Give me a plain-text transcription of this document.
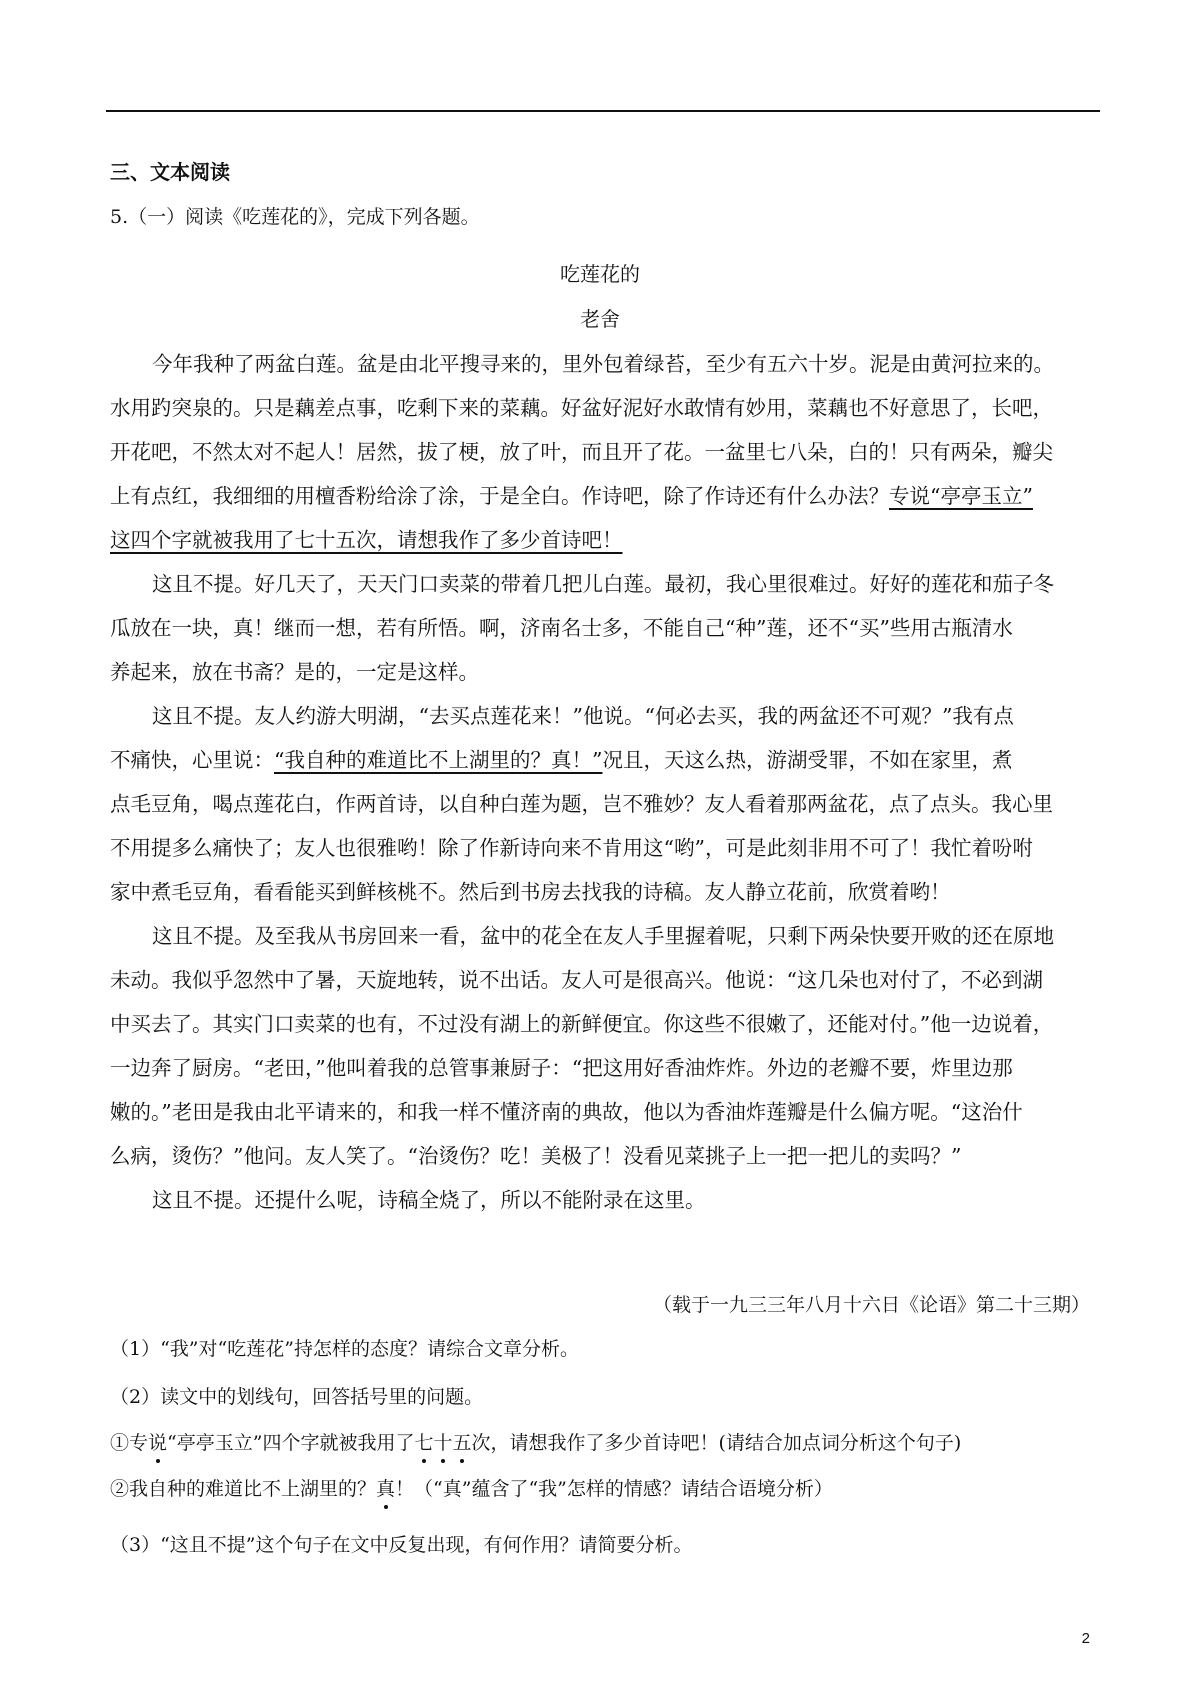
三、文本阅读
5.（一）阅读《吃莲花的》，完成下列各题。
吃莲花的
老舍
今年我种了两盆白莲。盆是由北平搜寻来的，里外包着绿苔，至少有五六十岁。泥是由黄河拉来的。
水用趵突泉的。只是藕差点事，吃剩下来的菜藕。好盆好泥好水敢情有妙用，菜藕也不好意思了，长吧，
开花吧，不然太对不起人！居然，拔了梗，放了叶，而且开了花。一盆里七八朵，白的！只有两朵，瓣尖
上有点红，我细细的用檀香粉给涂了涂，于是全白。作诗吧，除了作诗还有什么办法？专说“亭亭玉立”
这四个字就被我用了七十五次，请想我作了多少首诗吧！
这且不提。好几天了，天天门口卖菜的带着几把儿白莲。最初，我心里很难过。好好的莲花和茄子冬
瓜放在一块，真！继而一想，若有所悟。啊，济南名士多，不能自己“种”莲，还不“买”些用古瓶清水
养起来，放在书斋？是的，一定是这样。
这且不提。友人约游大明湖，“去买点莲花来！”他说。“何必去买，我的两盆还不可观？”我有点
不痛快，心里说：“我自种的难道比不上湖里的？真！”况且，天这么热，游湖受罪，不如在家里，煮
点毛豆角，喝点莲花白，作两首诗，以自种白莲为题，岂不雅妙？友人看着那两盆花，点了点头。我心里
不用提多么痛快了；友人也很雅哟！除了作新诗向来不肯用这“哟”，可是此刻非用不可了！我忙着吩咐
家中煮毛豆角，看看能买到鲜核桃不。然后到书房去找我的诗稿。友人静立花前，欣赏着哟！
这且不提。及至我从书房回来一看，盆中的花全在友人手里握着呢，只剩下两朵快要开败的还在原地
未动。我似乎忽然中了暑，天旋地转，说不出话。友人可是很高兴。他说：“这几朵也对付了，不必到湖
中买去了。其实门口卖菜的也有，不过没有湖上的新鲜便宜。你这些不很嫩了，还能对付。”他一边说着，
一边奔了厨房。“老田，”他叫着我的总管事兼厨子：“把这用好香油炸炸。外边的老瓣不要，炸里边那
嫩的。”老田是我由北平请来的，和我一样不懂济南的典故，他以为香油炸莲瓣是什么偏方呢。“这治什
么病，烫伤？”他问。友人笑了。“治烫伤？吃！美极了！没看见菜挑子上一把一把儿的卖吗？”
这且不提。还提什么呢，诗稿全烧了，所以不能附录在这里。
（载于一九三三年八月十六日《论语》第二十三期）
（1）“我”对“吃莲花”持怎样的态度？请综合文章分析。
（2）读文中的划线句，回答括号里的问题。
①专说“亭亭玉立”四个字就被我用了七十五次，请想我作了多少首诗吧！(请结合加点词分析这个句子)
②我自种的难道比不上湖里的？真！（“真”蕴含了“我”怎样的情感？请结合语境分析）
（3）“这且不提”这个句子在文中反复出现，有何作用？请简要分析。
2
